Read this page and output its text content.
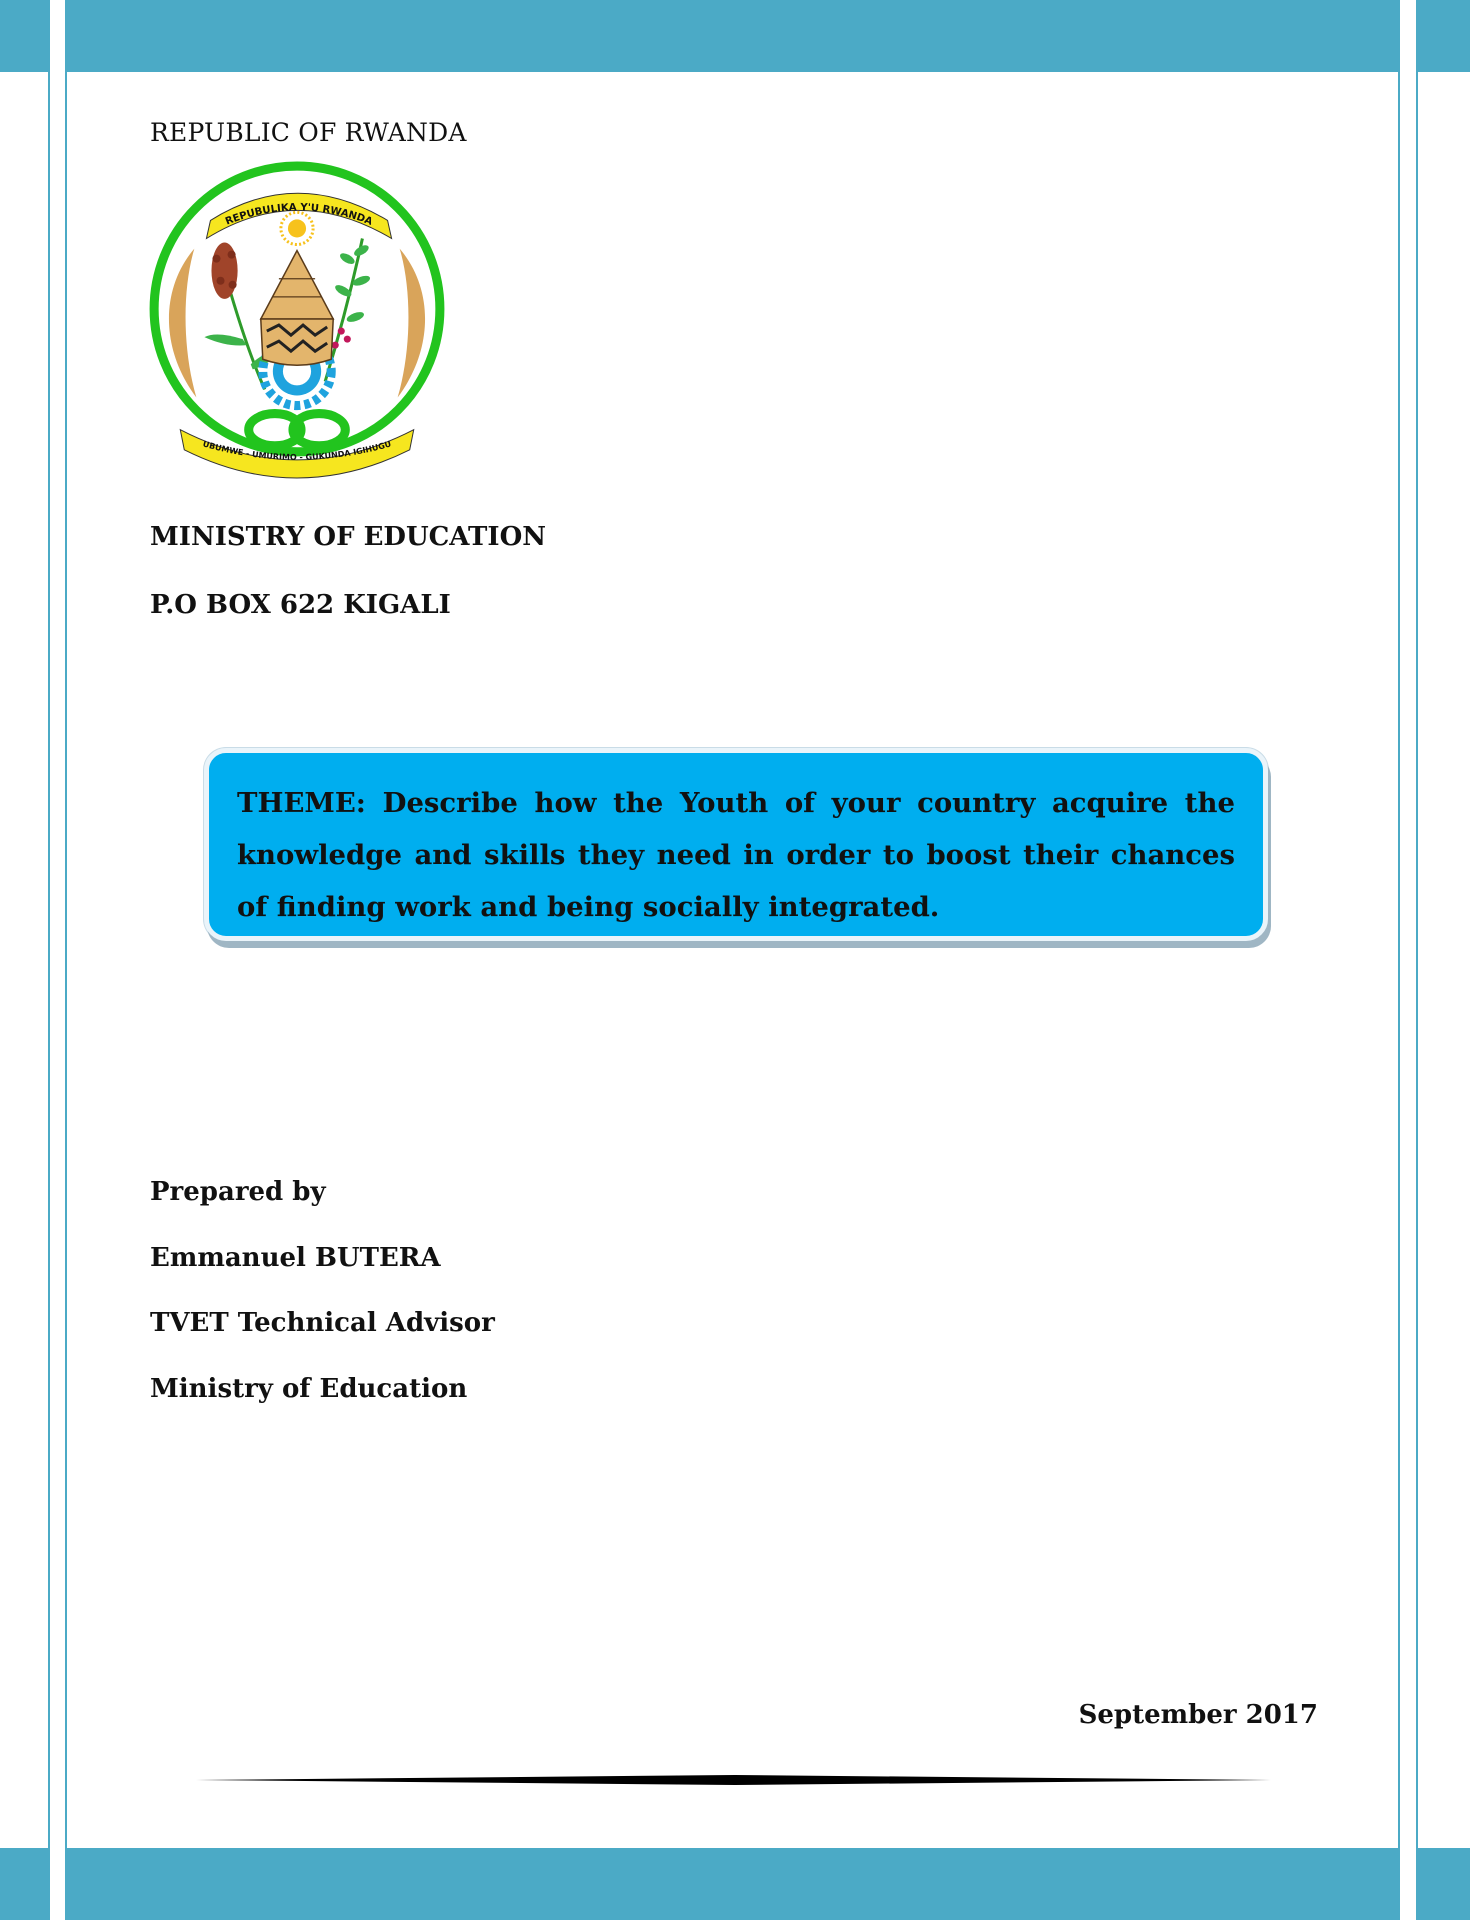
REPUBLIC OF RWANDA

REPUBULIKA Y'U RWANDA
UBUMWE - UMURIMO - GUKUNDA IGIHUGU

MINISTRY OF EDUCATION

P.O BOX 622 KIGALI

THEME: Describe how the Youth of your country acquire the knowledge and skills they need in order to boost their chances of finding work and being socially integrated.

Prepared by

Emmanuel BUTERA

TVET Technical Advisor

Ministry of Education

September 2017
